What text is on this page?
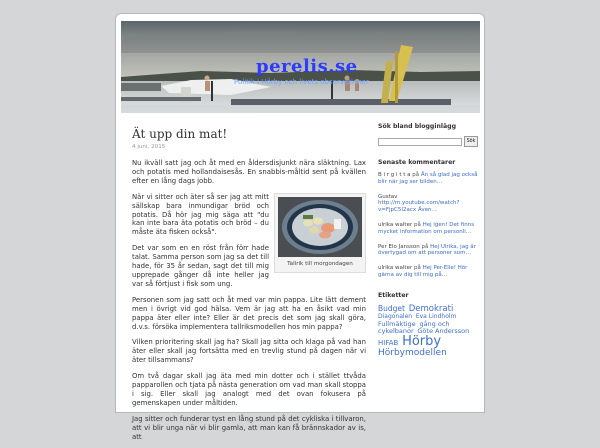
perelis.se
Politik i Hörby och livets observationer
Ät upp din mat!
4 juni, 2015

Nu ikväll satt jag och åt med en åldersdisjunkt nära släktning. Lax och potatis med hollandaisesås. En snabbis-måltid sent på kvällen efter en lång dags jobb.

Tallrik till morgondagen

När vi sitter och äter så ser jag att mitt sällskap bara inmundigar bröd och potatis. Då hör jag mig säga att "du kan inte bara äta potatis och bröd – du måste äta fisken också".

Det var som en en röst från förr hade talat. Samma person som jag sa det till hade, för 35 år sedan, sagt det till mig upprepade gånger då inte heller jag var så förtjust i fisk som ung.

Personen som jag satt och åt med var min pappa. Lite lätt dement men i övrigt vid god hälsa. Vem är jag att ha en åsikt vad min pappa äter eller inte? Eller är det precis det som jag skall göra, d.v.s. försöka implementera tallriksmodellen hos min pappa?

Vilken prioritering skall jag ha? Skall jag sitta och klaga på vad han äter eller skall jag fortsätta med en trevlig stund på dagen när vi äter tillsammans?

Om två dagar skall jag äta med min dotter och i stället ttvåda papparollen och tjata på nästa generation om vad man skall stoppa i sig. Eller skall jag analogt med det ovan fokusera på gemenskapen under måltiden.

Jag sitter och funderar tyst en lång stund på det cykliska i tillvaron, att vi blir unga när vi blir gamla, att man kan få brännskador av is, att

Sök bland blogginlägg
Sök
Senaste kommentarer
B i r g i t t a på Än så glad jag också blir när jag ser bilden…
Gustav http://m.youtube.com/watch?v=FjpC5I2acx Även…
ulrika walter på Hej igen! Det finns mycket information om personli…
Per Elo Jansson på Hej Ulrika, jag är övertygad om att personer som…
ulrika walter på Hej Per-Elle! Hör gärna av dig till mig på…
Etiketter
Budget Demokrati Diagonalen Eva Lindholm Fullmäktige gång och cykelbanor Göte Andersson HIFAB Hörby Hörbymodellen
